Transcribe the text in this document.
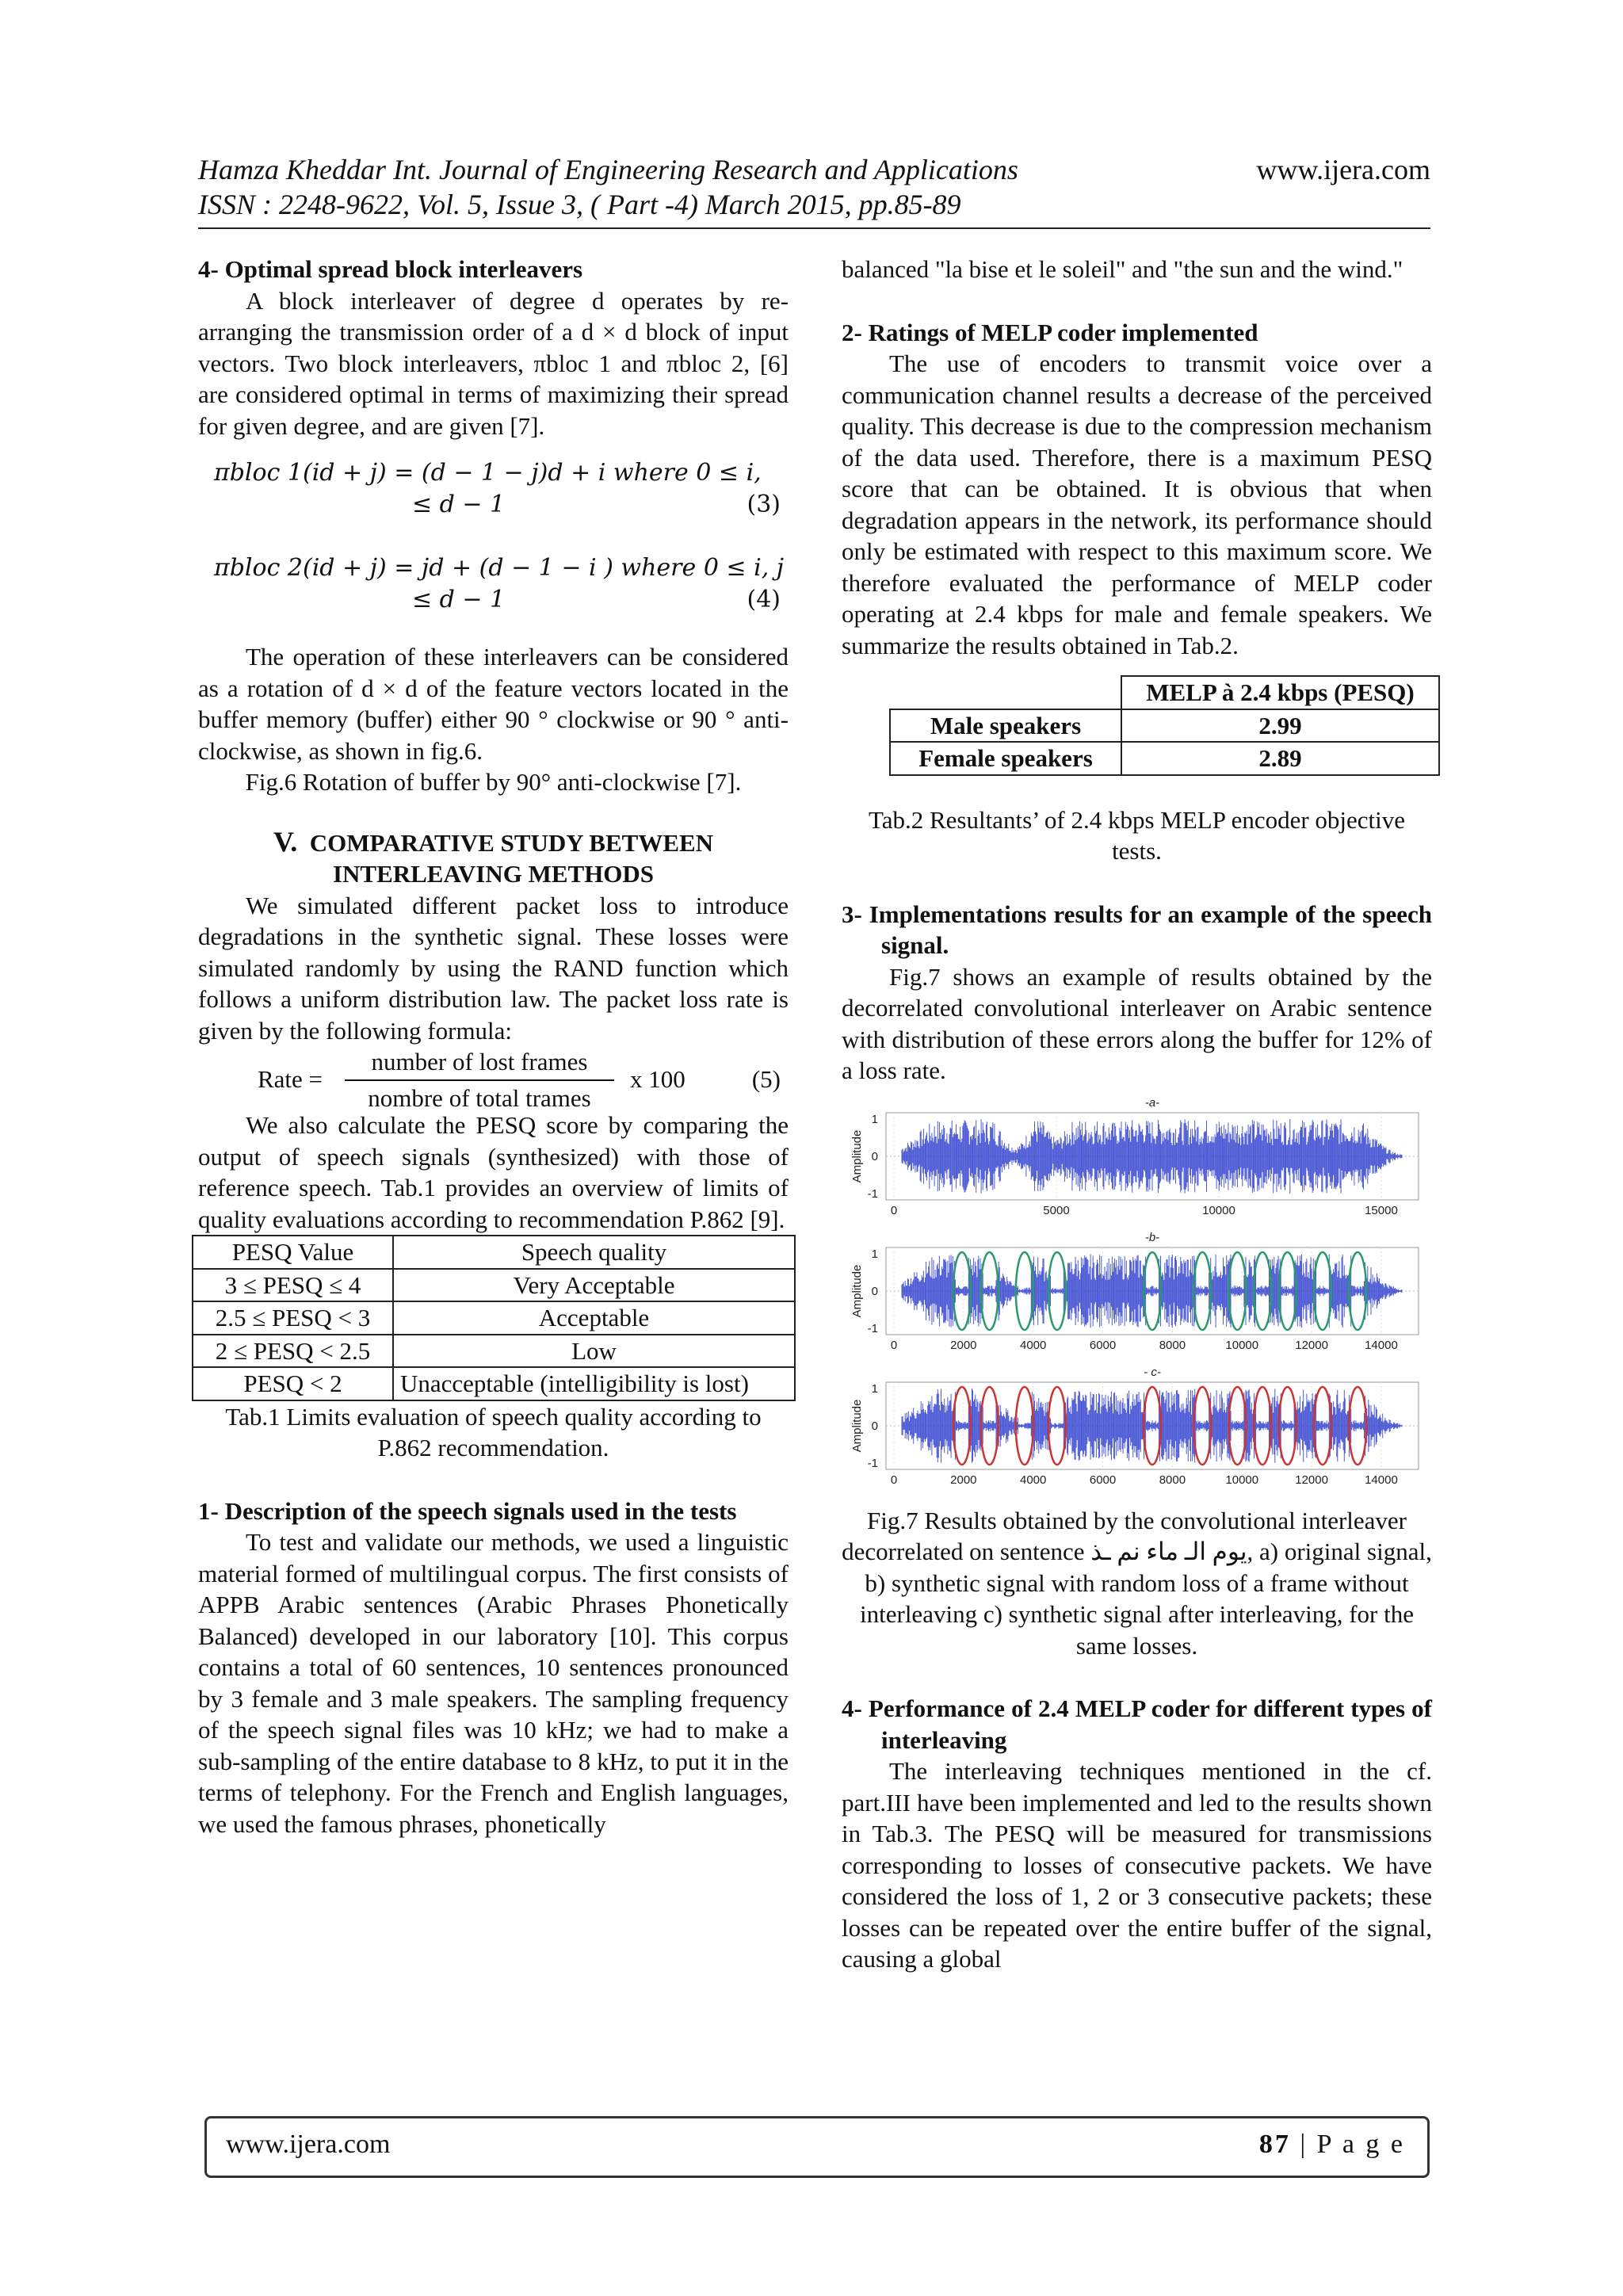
Hamza Kheddar Int. Journal of Engineering Research and Applications
ISSN : 2248-9622, Vol. 5, Issue 3, ( Part -4) March 2015, pp.85-89
www.ijera.com

4- Optimal spread block interleavers

A block interleaver of degree d operates by re-arranging the transmission order of a d × d block of input vectors. Two block interleavers, πbloc 1 and πbloc 2, [6] are considered optimal in terms of maximizing their spread for given degree, and are given [7].

πbloc 1(id + j) = (d − 1 − j)d + i where 0 ≤ i,
≤ d − 1	(3)
πbloc 2(id + j) = jd + (d − 1 − i ) where 0 ≤ i, j
≤ d − 1	(4)

The operation of these interleavers can be considered as a rotation of d × d of the feature vectors located in the buffer memory (buffer) either 90 ° clockwise or 90 ° anti-clockwise, as shown in fig.6.

Fig.6 Rotation of buffer by 90° anti-clockwise [7].

V. COMPARATIVE STUDY BETWEEN
INTERLEAVING METHODS

We simulated different packet loss to introduce degradations in the synthetic signal. These losses were simulated randomly by using the RAND function which follows a uniform distribution law. The packet loss rate is given by the following formula:

Rate =
number of lost frames
nombre of total trames
x 100	(5)

We also calculate the PESQ score by comparing the output of speech signals (synthesized) with those of reference speech. Tab.1 provides an overview of limits of quality evaluations according to recommendation P.862 [9].

PESQ Value	Speech quality
3 ≤ PESQ ≤ 4	Very Acceptable
2.5 ≤ PESQ < 3	Acceptable
2 ≤ PESQ < 2.5	Low
PESQ < 2	Unacceptable (intelligibility is lost)

Tab.1 Limits evaluation of speech quality according to P.862 recommendation.

1- Description of the speech signals used in the tests

To test and validate our methods, we used a linguistic material formed of multilingual corpus. The first consists of APPB Arabic sentences (Arabic Phrases Phonetically Balanced) developed in our laboratory [10]. This corpus contains a total of 60 sentences, 10 sentences pronounced by 3 female and 3 male speakers. The sampling frequency of the speech signal files was 10 kHz; we had to make a sub-sampling of the entire database to 8 kHz, to put it in the terms of telephony. For the French and English languages, we used the famous phrases, phonetically

balanced "la bise et le soleil" and "the sun and the wind."

2- Ratings of MELP coder implemented

The use of encoders to transmit voice over a communication channel results a decrease of the perceived quality. This decrease is due to the compression mechanism of the data used. Therefore, there is a maximum PESQ score that can be obtained. It is obvious that when degradation appears in the network, its performance should only be estimated with respect to this maximum score. We therefore evaluated the performance of MELP coder operating at 2.4 kbps for male and female speakers. We summarize the results obtained in Tab.2.

	MELP à 2.4 kbps (PESQ)
Male speakers	2.99
Female speakers	2.89

Tab.2 Resultants’ of 2.4 kbps MELP encoder objective tests.

3- Implementations results for an example of the speech signal.

Fig.7 shows an example of results obtained by the decorrelated convolutional interleaver on Arabic sentence with distribution of these errors along the buffer for 12% of a loss rate.

-a-
1
0
-1
Amplitude
0	5000	10000	15000
-b-
1
0
-1
Amplitude
0	2000	4000	6000	8000	10000	12000	14000
- c-
1
0
-1
Amplitude
0	2000	4000	6000	8000	10000	12000	14000

Fig.7 Results obtained by the convolutional interleaver decorrelated on sentence يوم الـ ماء نم ـذ, a) original signal, b) synthetic signal with random loss of a frame without interleaving c) synthetic signal after interleaving, for the same losses.

4- Performance of 2.4 MELP coder for different types of interleaving

The interleaving techniques mentioned in the cf. part.III have been implemented and led to the results shown in Tab.3. The PESQ will be measured for transmissions corresponding to losses of consecutive packets. We have considered the loss of 1, 2 or 3 consecutive packets; these losses can be repeated over the entire buffer of the signal, causing a global

www.ijera.com	87 | P a g e
